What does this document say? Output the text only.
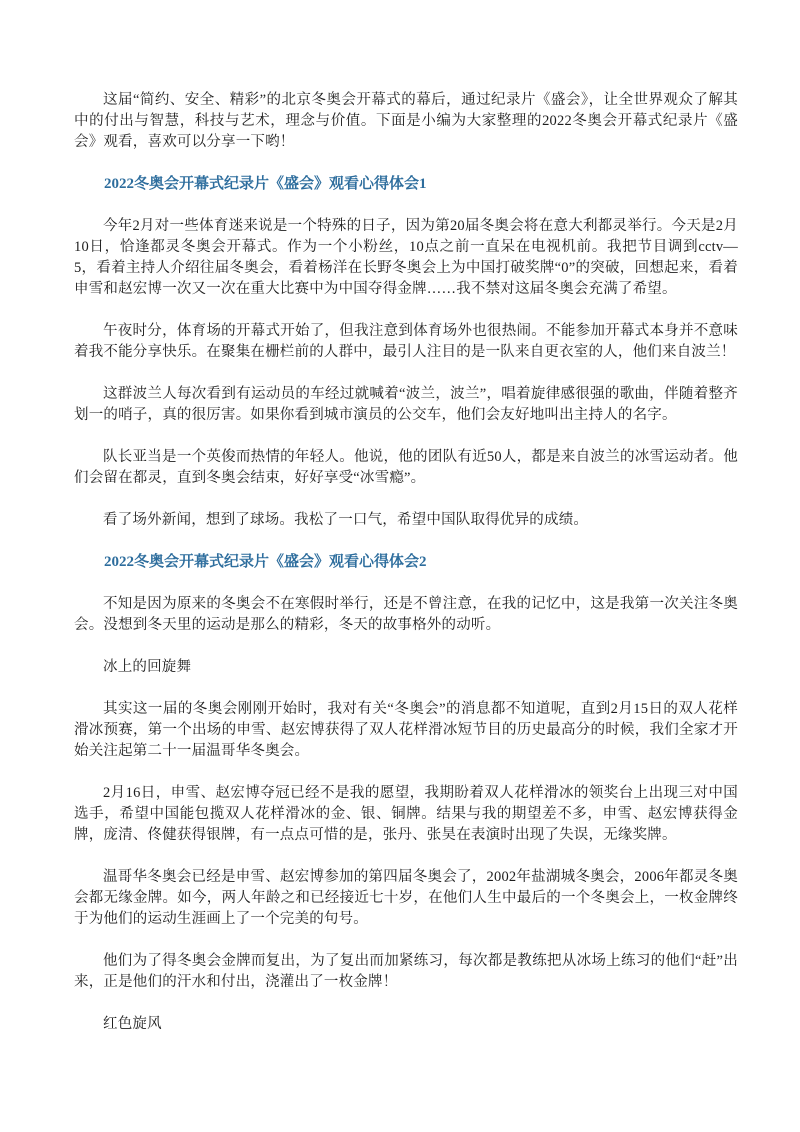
这届“简约、安全、精彩”的北京冬奥会开幕式的幕后，通过纪录片《盛会》，让全世界观众了解其中的付出与智慧，科技与艺术，理念与价值。下面是小编为大家整理的2022冬奥会开幕式纪录片《盛会》观看，喜欢可以分享一下哟！

2022冬奥会开幕式纪录片《盛会》观看心得体会1

今年2月对一些体育迷来说是一个特殊的日子，因为第20届冬奥会将在意大利都灵举行。今天是2月10日，恰逢都灵冬奥会开幕式。作为一个小粉丝，10点之前一直呆在电视机前。我把节目调到cctv—5，看着主持人介绍往届冬奥会，看着杨洋在长野冬奥会上为中国打破奖牌“0”的突破，回想起来，看着申雪和赵宏博一次又一次在重大比赛中为中国夺得金牌……我不禁对这届冬奥会充满了希望。

午夜时分，体育场的开幕式开始了，但我注意到体育场外也很热闹。不能参加开幕式本身并不意味着我不能分享快乐。在聚集在栅栏前的人群中，最引人注目的是一队来自更衣室的人，他们来自波兰！

这群波兰人每次看到有运动员的车经过就喊着“波兰，波兰”，唱着旋律感很强的歌曲，伴随着整齐划一的哨子，真的很厉害。如果你看到城市演员的公交车，他们会友好地叫出主持人的名字。

队长亚当是一个英俊而热情的年轻人。他说，他的团队有近50人，都是来自波兰的冰雪运动者。他们会留在都灵，直到冬奥会结束，好好享受“冰雪瘾”。

看了场外新闻，想到了球场。我松了一口气，希望中国队取得优异的成绩。

2022冬奥会开幕式纪录片《盛会》观看心得体会2

不知是因为原来的冬奥会不在寒假时举行，还是不曾注意，在我的记忆中，这是我第一次关注冬奥会。没想到冬天里的运动是那么的精彩，冬天的故事格外的动听。

冰上的回旋舞

其实这一届的冬奥会刚刚开始时，我对有关“冬奥会”的消息都不知道呢，直到2月15日的双人花样滑冰预赛，第一个出场的申雪、赵宏博获得了双人花样滑冰短节目的历史最高分的时候，我们全家才开始关注起第二十一届温哥华冬奥会。

2月16日，申雪、赵宏博夺冠已经不是我的愿望，我期盼着双人花样滑冰的领奖台上出现三对中国选手，希望中国能包揽双人花样滑冰的金、银、铜牌。结果与我的期望差不多，申雪、赵宏博获得金牌，庞清、佟健获得银牌，有一点点可惜的是，张丹、张昊在表演时出现了失误，无缘奖牌。

温哥华冬奥会已经是申雪、赵宏博参加的第四届冬奥会了，2002年盐湖城冬奥会，2006年都灵冬奥会都无缘金牌。如今，两人年龄之和已经接近七十岁，在他们人生中最后的一个冬奥会上，一枚金牌终于为他们的运动生涯画上了一个完美的句号。

他们为了得冬奥会金牌而复出，为了复出而加紧练习，每次都是教练把从冰场上练习的他们“赶”出来，正是他们的汗水和付出，浇灌出了一枚金牌！

红色旋风
